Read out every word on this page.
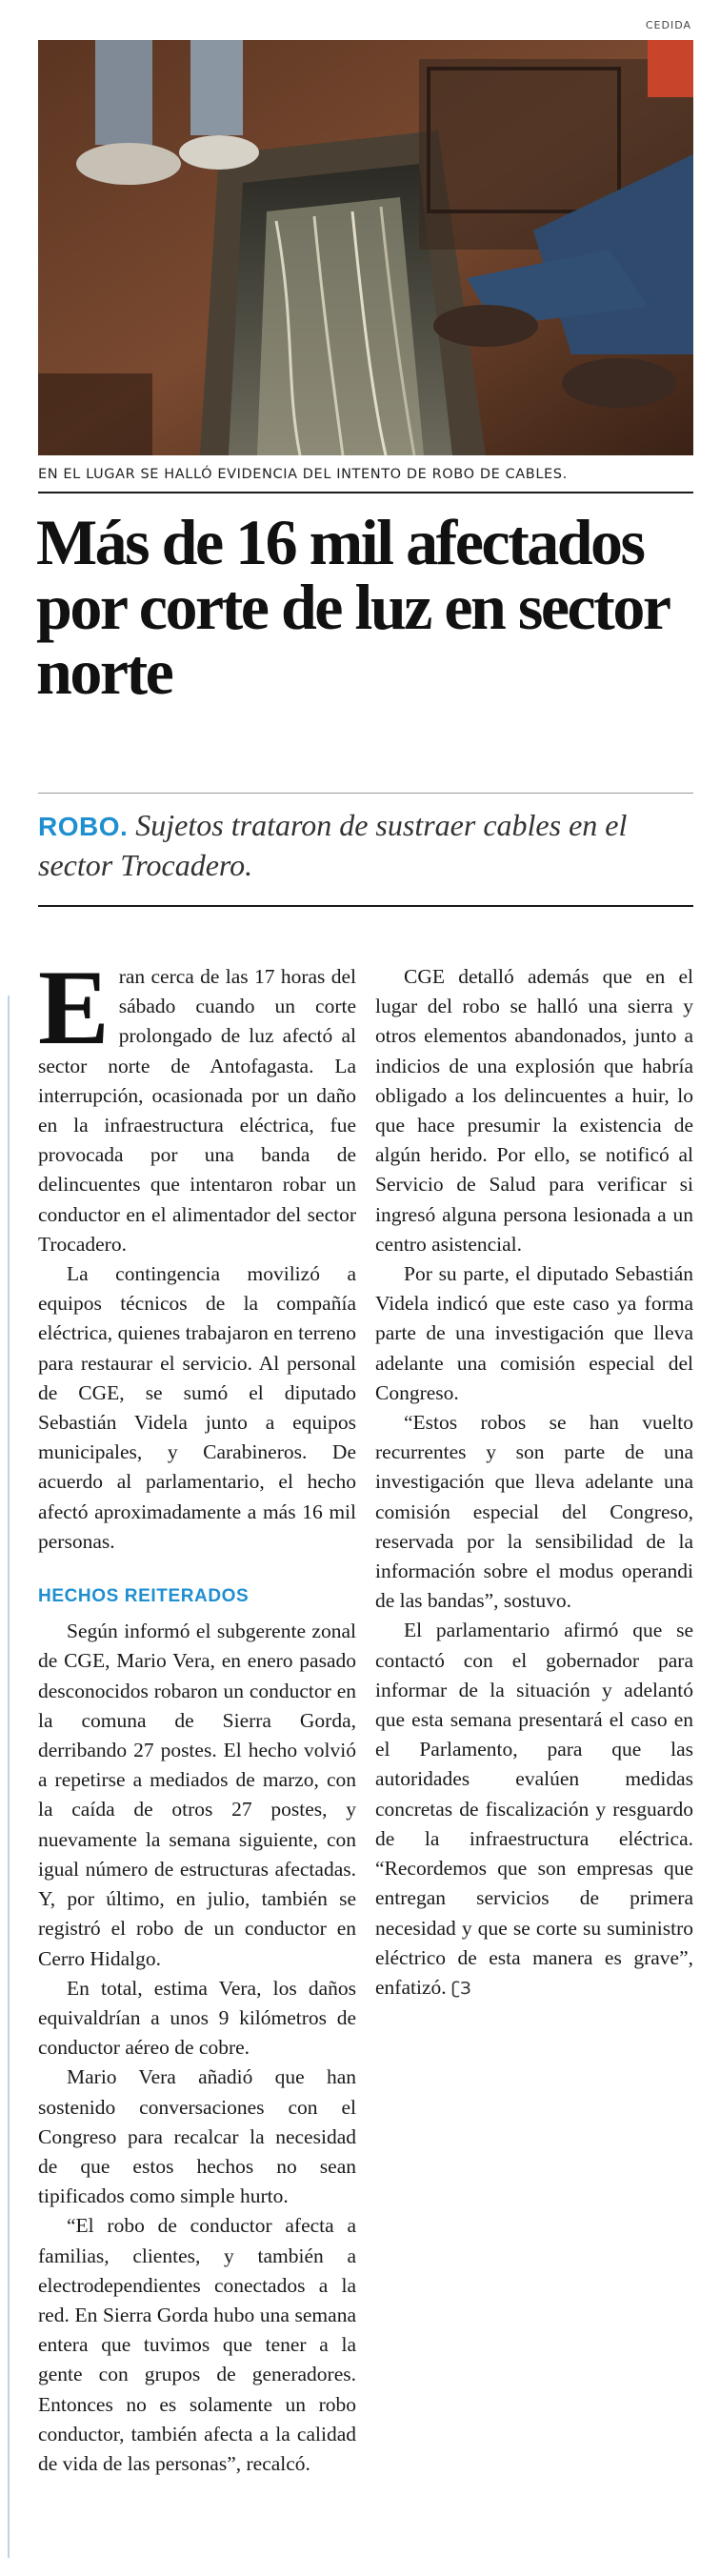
CEDIDA
EN EL LUGAR SE HALLÓ EVIDENCIA DEL INTENTO DE ROBO DE CABLES.
Más de 16 mil afectados por corte de luz en sector norte

ROBO. Sujetos trataron de sustraer cables en el sector Trocadero.

Eran cerca de las 17 horas del sábado cuando un corte prolongado de luz afectó al sector norte de Antofagasta. La interrupción, ocasionada por un daño en la infraestructura eléctrica, fue provocada por una banda de delincuentes que intentaron robar un conductor en el alimentador del sector Trocadero.

La contingencia movilizó a equipos técnicos de la compañía eléctrica, quienes trabajaron en terreno para restaurar el servicio. Al personal de CGE, se sumó el diputado Sebastián Videla junto a equipos municipales, y Carabineros. De acuerdo al parlamentario, el hecho afectó aproximadamente a más 16 mil personas.

HECHOS REITERADOS

Según informó el subgerente zonal de CGE, Mario Vera, en enero pasado desconocidos robaron un conductor en la comuna de Sierra Gorda, derribando 27 postes. El hecho volvió a repetirse a mediados de marzo, con la caída de otros 27 postes, y nuevamente la semana siguiente, con igual número de estructuras afectadas. Y, por último, en julio, también se registró el robo de un conductor en Cerro Hidalgo.

En total, estima Vera, los daños equivaldrían a unos 9 kilómetros de conductor aéreo de cobre.

Mario Vera añadió que han sostenido conversaciones con el Congreso para recalcar la necesidad de que estos hechos no sean tipificados como simple hurto.

“El robo de conductor afecta a familias, clientes, y también a electrodependientes conectados a la red. En Sierra Gorda hubo una semana entera que tuvimos que tener a la gente con grupos de generadores. Entonces no es solamente un robo conductor, también afecta a la calidad de vida de las personas”, recalcó.

CGE detalló además que en el lugar del robo se halló una sierra y otros elementos abandonados, junto a indicios de una explosión que habría obligado a los delincuentes a huir, lo que hace presumir la existencia de algún herido. Por ello, se notificó al Servicio de Salud para verificar si ingresó alguna persona lesionada a un centro asistencial.

Por su parte, el diputado Sebastián Videla indicó que este caso ya forma parte de una investigación que lleva adelante una comisión especial del Congreso.

“Estos robos se han vuelto recurrentes y son parte de una investigación que lleva adelante una comisión especial del Congreso, reservada por la sensibilidad de la información sobre el modus operandi de las bandas”, sostuvo.

El parlamentario afirmó que se contactó con el gobernador para informar de la situación y adelantó que esta semana presentará el caso en el Parlamento, para que las autoridades evalúen medidas concretas de fiscalización y resguardo de la infraestructura eléctrica. “Recordemos que son empresas que entregan servicios de primera necesidad y que se corte su suministro eléctrico de esta manera es grave”, enfatizó. ʗЗ
